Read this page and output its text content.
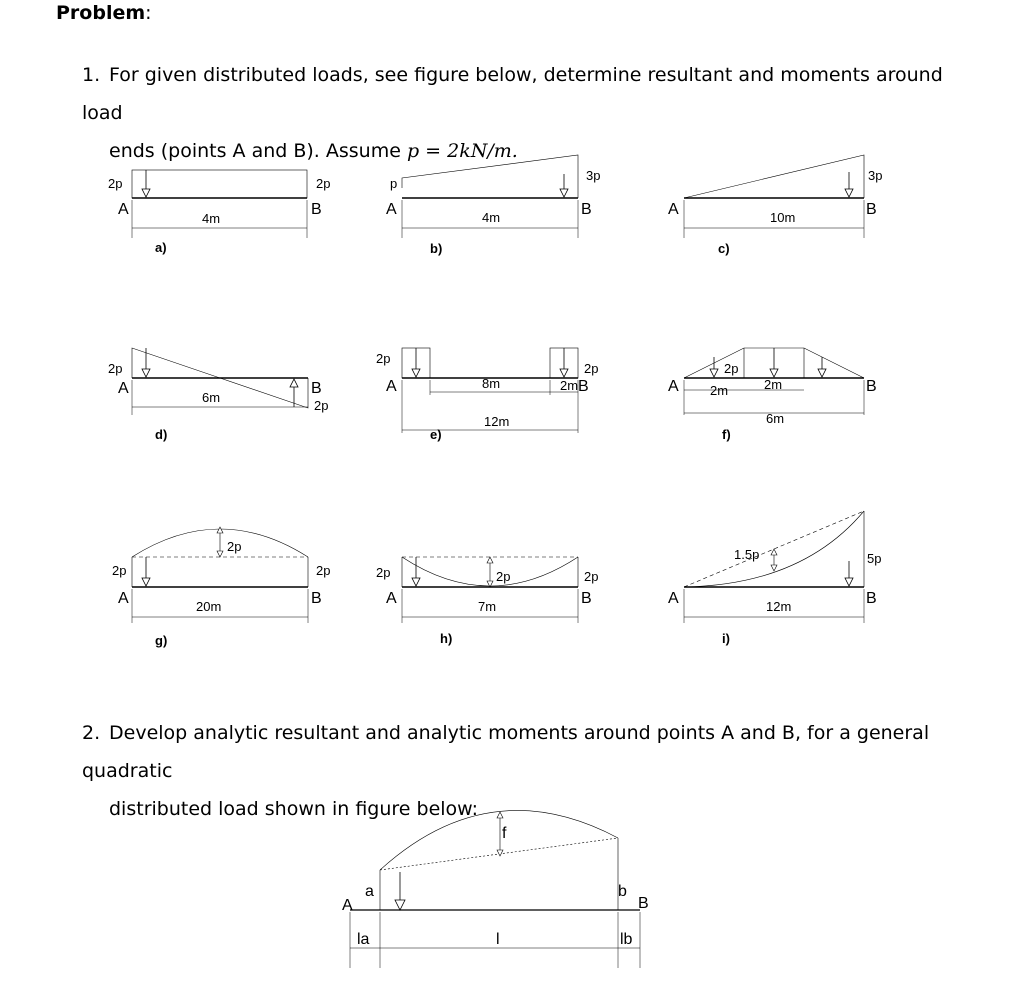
Problem:
1. For given distributed loads, see figure below, determine resultant and moments around load
ends (points A and B). Assume p = 2kN/m.
2p	2p
A	B
4m
a)
p
3p
A	B
4m
b)
3p
A	B
10m
c)
2p
2p
A	B
6m
d)
2p
2p
A	B
8m	2m
12m
e)
2p
A	B
2m	2m
6m
f)
2p
2p	2p
A	B
20m
g)
2p
2p	2p
A	B
7m
h)
1.5p	5p
A	B
12m
i)
2. Develop analytic resultant and analytic moments around points A and B, for a general quadratic
distributed load shown in figure below:
f
a	b
A	B
la	l	lb
